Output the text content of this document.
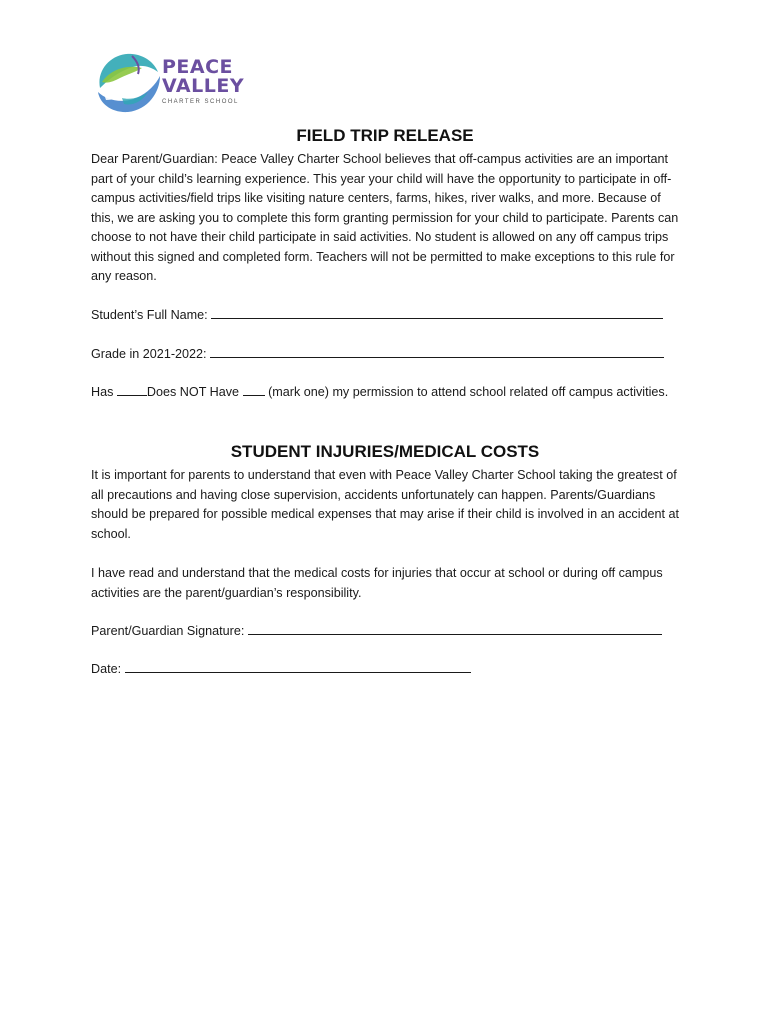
PEACE
VALLEY
CHARTER SCHOOL
FIELD TRIP RELEASE

Dear Parent/Guardian: Peace Valley Charter School believes that off-campus activities are an important part of your child’s learning experience. This year your child will have the opportunity to participate in off-campus activities/field trips like visiting nature centers, farms, hikes, river walks, and more. Because of this, we are asking you to complete this form granting permission for your child to participate. Parents can choose to not have their child participate in said activities. No student is allowed on any off campus trips without this signed and completed form. Teachers will not be permitted to make exceptions to this rule for any reason.

Student’s Full Name:
Grade in 2021-2022:
Has	Does NOT Have (mark one) my permission to attend school related off campus activities.
STUDENT INJURIES/MEDICAL COSTS

It is important for parents to understand that even with Peace Valley Charter School taking the greatest of all precautions and having close supervision, accidents unfortunately can happen. Parents/Guardians should be prepared for possible medical expenses that may arise if their child is involved in an accident at school.

I have read and understand that the medical costs for injuries that occur at school or during off campus activities are the parent/guardian’s responsibility.

Parent/Guardian Signature:
Date:
